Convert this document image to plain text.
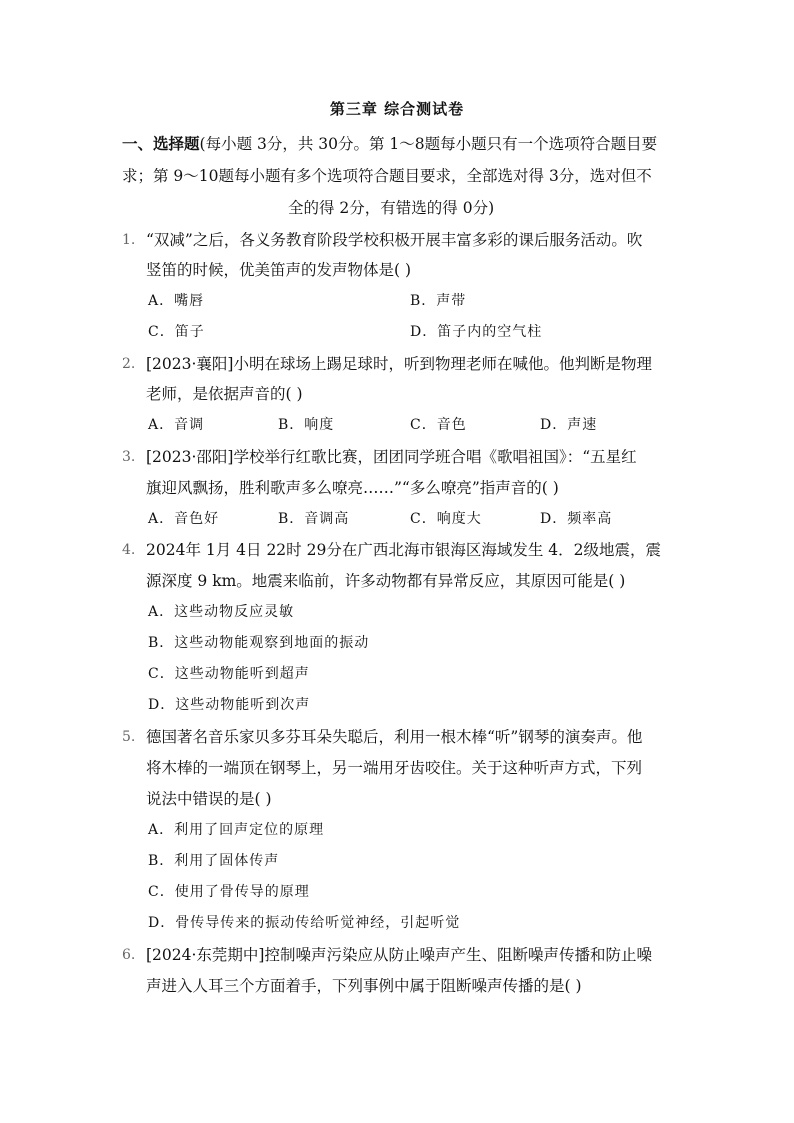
第三章 综合测试卷
一、选择题(每小题 3分，共 30分。第 1～8题每小题只有一个选项符合题目要
求；第 9～10题每小题有多个选项符合题目要求，全部选对得 3分，选对但不
全的得 2分，有错选的得 0分)
1. “双减”之后，各义务教育阶段学校积极开展丰富多彩的课后服务活动。吹
竖笛的时候，优美笛声的发声物体是( )
A．嘴唇	B．声带
C．笛子	D．笛子内的空气柱
2. [2023·襄阳]小明在球场上踢足球时，听到物理老师在喊他。他判断是物理
老师，是依据声音的( )
A．音调	B．响度	C．音色	D．声速
3. [2023·邵阳]学校举行红歌比赛，团团同学班合唱《歌唱祖国》：“五星红
旗迎风飘扬，胜利歌声多么嘹亮……”“多么嘹亮”指声音的( )
A．音色好	B．音调高	C．响度大	D．频率高
4. 2024年 1月 4日 22时 29分在广西北海市银海区海域发生 4．2级地震，震
源深度 9 km。地震来临前，许多动物都有异常反应，其原因可能是( )
A．这些动物反应灵敏
B．这些动物能观察到地面的振动
C．这些动物能听到超声
D．这些动物能听到次声
5. 德国著名音乐家贝多芬耳朵失聪后，利用一根木棒“听”钢琴的演奏声。他
将木棒的一端顶在钢琴上，另一端用牙齿咬住。关于这种听声方式，下列
说法中错误的是( )
A．利用了回声定位的原理
B．利用了固体传声
C．使用了骨传导的原理
D．骨传导传来的振动传给听觉神经，引起听觉
6. [2024·东莞期中]控制噪声污染应从防止噪声产生、阻断噪声传播和防止噪
声进入人耳三个方面着手，下列事例中属于阻断噪声传播的是( )
